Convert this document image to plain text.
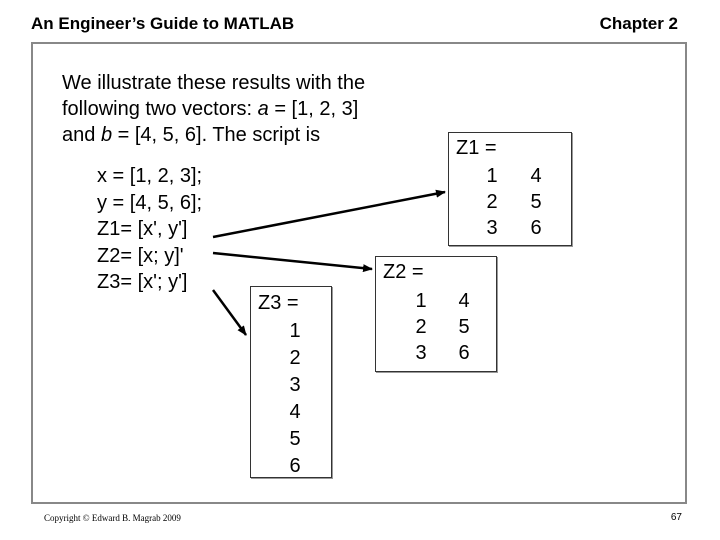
An Engineer’s Guide to MATLAB	Chapter 2
We illustrate these results with the
following two vectors: a = [1, 2, 3]
and b = [4, 5, 6]. The script is
x = [1, 2, 3];
y = [4, 5, 6];
Z1= [x', y']
Z2= [x; y]'
Z3= [x'; y']
Z1 =
1
2
3
4
5
6
Z2 =
1
2
3
4
5
6
Z3 =
1
2
3
4
5
6
Copyright © Edward B. Magrab 2009	67
